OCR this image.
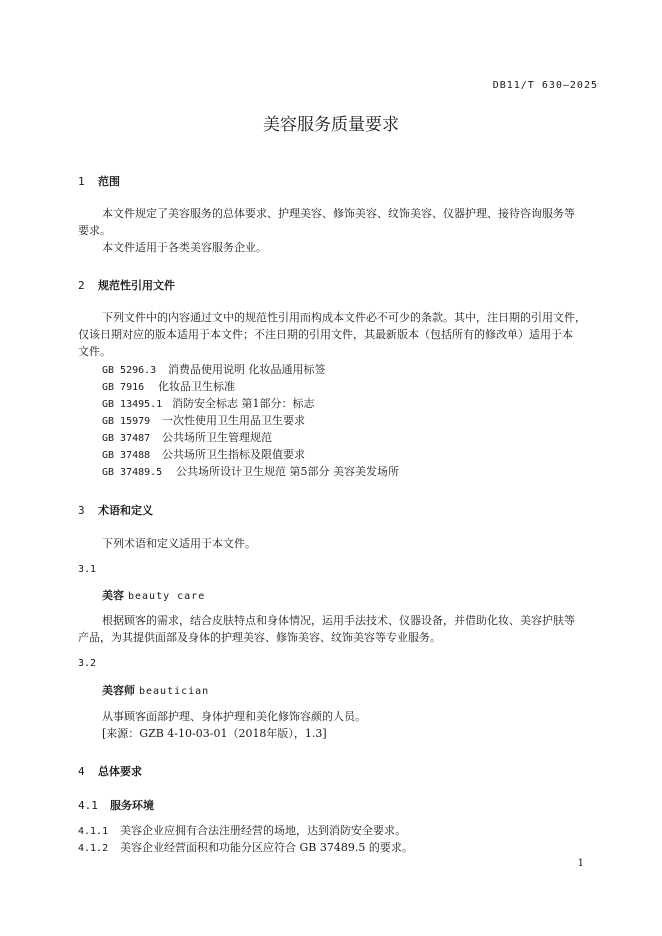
DB11/T 630—2025
美容服务质量要求
1 范围
本文件规定了美容服务的总体要求、护理美容、修饰美容、纹饰美容、仪器护理、接待咨询服务等
要求。
本文件适用于各类美容服务企业。
2 规范性引用文件
下列文件中的内容通过文中的规范性引用而构成本文件必不可少的条款。其中，注日期的引用文件，
仅该日期对应的版本适用于本文件；不注日期的引用文件，其最新版本（包括所有的修改单）适用于本
文件。
GB 5296.3 消费品使用说明 化妆品通用标签
GB 7916 化妆品卫生标准
GB 13495.1 消防安全标志 第1部分：标志
GB 15979 一次性使用卫生用品卫生要求
GB 37487 公共场所卫生管理规范
GB 37488 公共场所卫生指标及限值要求
GB 37489.5 公共场所设计卫生规范 第5部分 美容美发场所
3 术语和定义
下列术语和定义适用于本文件。
3.1
美容 beauty care
根据顾客的需求，结合皮肤特点和身体情况，运用手法技术、仪器设备，并借助化妆、美容护肤等
产品，为其提供面部及身体的护理美容、修饰美容、纹饰美容等专业服务。
3.2
美容师 beautician
从事顾客面部护理、身体护理和美化修饰容颜的人员。
[来源：GZB 4-10-03-01（2018年版），1.3]
4 总体要求
4.1 服务环境
4.1.1 美容企业应拥有合法注册经营的场地，达到消防安全要求。
4.1.2 美容企业经营面积和功能分区应符合 GB 37489.5 的要求。
1
